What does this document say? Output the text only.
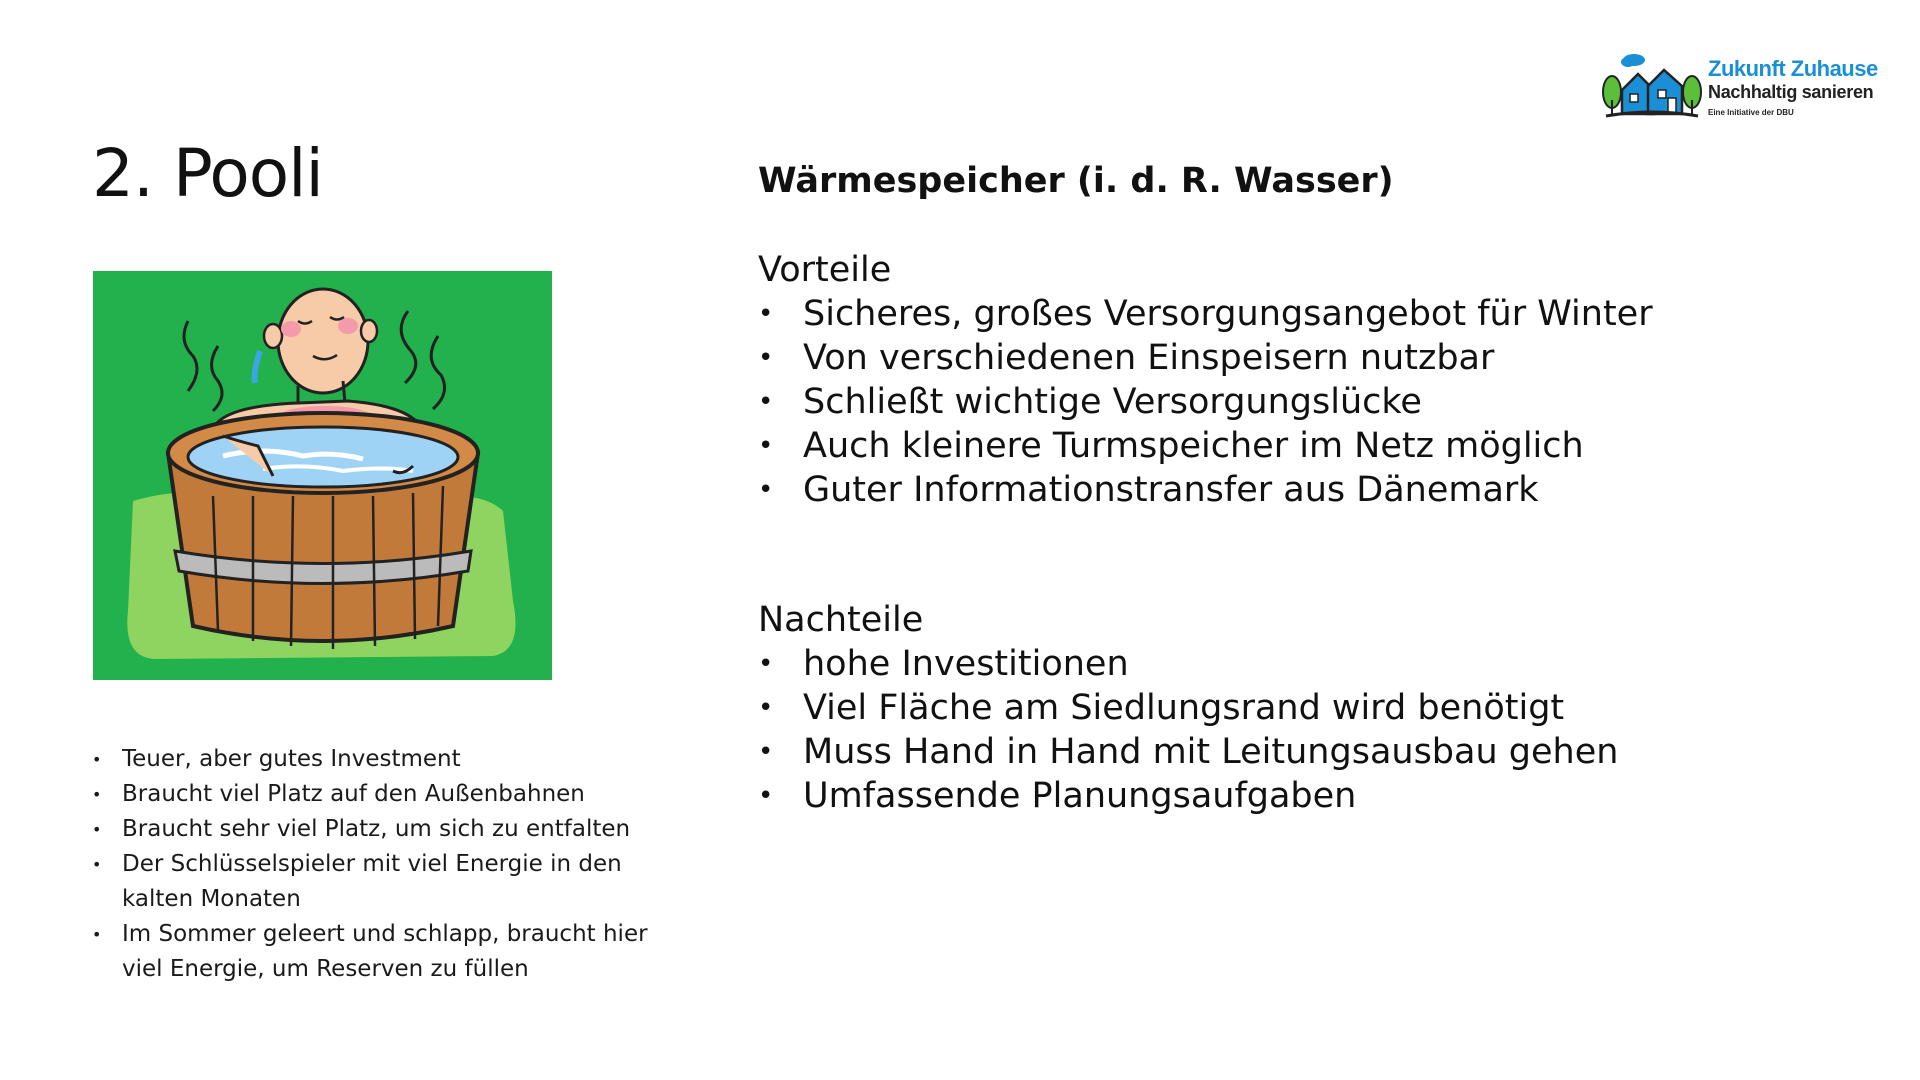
2. Pooli
Zukunft Zuhause
Nachhaltig sanieren
Eine Initiative der DBU
• Teuer, aber gutes Investment
• Braucht viel Platz auf den Außenbahnen
• Braucht sehr viel Platz, um sich zu entfalten
• Der Schlüsselspieler mit viel Energie in den kalten Monaten
• Im Sommer geleert und schlapp, braucht hier viel Energie, um Reserven zu füllen
Wärmespeicher (i. d. R. Wasser)
Vorteile
• Sicheres, großes Versorgungsangebot für Winter
• Von verschiedenen Einspeisern nutzbar
• Schließt wichtige Versorgungslücke
• Auch kleinere Turmspeicher im Netz möglich
• Guter Informationstransfer aus Dänemark
Nachteile
• hohe Investitionen
• Viel Fläche am Siedlungsrand wird benötigt
• Muss Hand in Hand mit Leitungsausbau gehen
• Umfassende Planungsaufgaben
